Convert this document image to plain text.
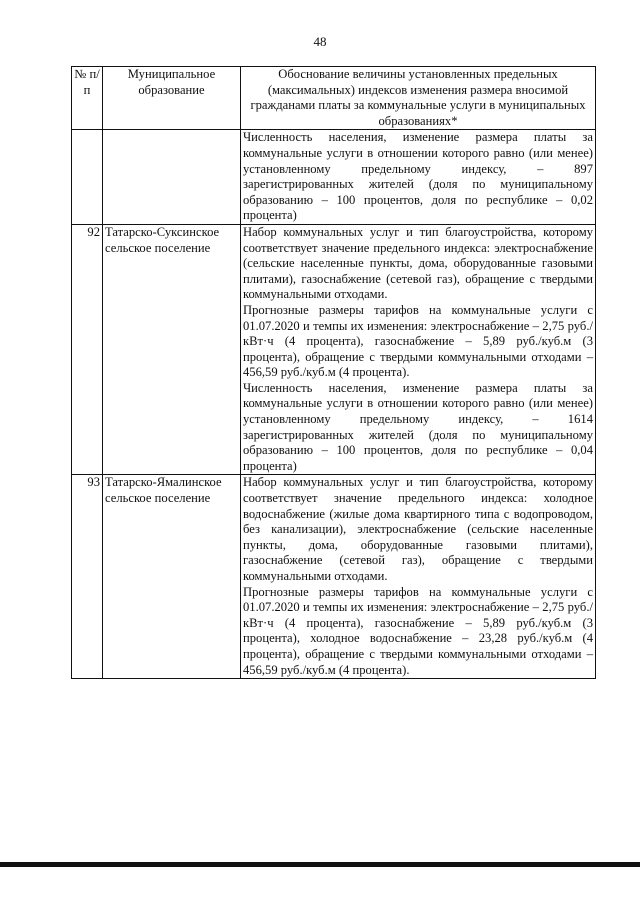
48
№ п/п	Муниципальное образование	Обоснование величины установленных предельных (максимальных) индексов изменения размера вносимой гражданами платы за коммунальные услуги в муниципальных образованиях*

		Численность населения, изменение размера платы за коммунальные услуги в отношении которого равно (или менее) установленному предельному индексу, – 897 зарегистрированных жителей (доля по муниципальному образованию – 100 процентов, доля по республике – 0,02 процента)

92	Татарско-Суксинское сельское поселение	Набор коммунальных услуг и тип благоустройства, которому соответствует значение предельного индекса: электроснабжение (сельские населенные пункты, дома, оборудованные газовыми плитами), газоснабжение (сетевой газ), обращение с твердыми коммунальными отходами.
Прогнозные размеры тарифов на коммунальные услуги с 01.07.2020 и темпы их изменения: электроснабжение – 2,75 руб./кВт·ч (4 процента), газоснабжение – 5,89 руб./куб.м (3 процента), обращение с твердыми коммунальными отходами – 456,59 руб./куб.м (4 процента).
Численность населения, изменение размера платы за коммунальные услуги в отношении которого равно (или менее) установленному предельному индексу, – 1614 зарегистрированных жителей (доля по муниципальному образованию – 100 процентов, доля по республике – 0,04 процента)

93	Татарско-Ямалинское сельское поселение	Набор коммунальных услуг и тип благоустройства, которому соответствует значение предельного индекса: холодное водоснабжение (жилые дома квартирного типа с водопроводом, без канализации), электроснабжение (сельские населенные пункты, дома, оборудованные газовыми плитами), газоснабжение (сетевой газ), обращение с твердыми коммунальными отходами.
Прогнозные размеры тарифов на коммунальные услуги с 01.07.2020 и темпы их изменения: электроснабжение – 2,75 руб./кВт·ч (4 процента), газоснабжение – 5,89 руб./куб.м (3 процента), холодное водоснабжение – 23,28 руб./куб.м (4 процента), обращение с твердыми коммунальными отходами – 456,59 руб./куб.м (4 процента).
